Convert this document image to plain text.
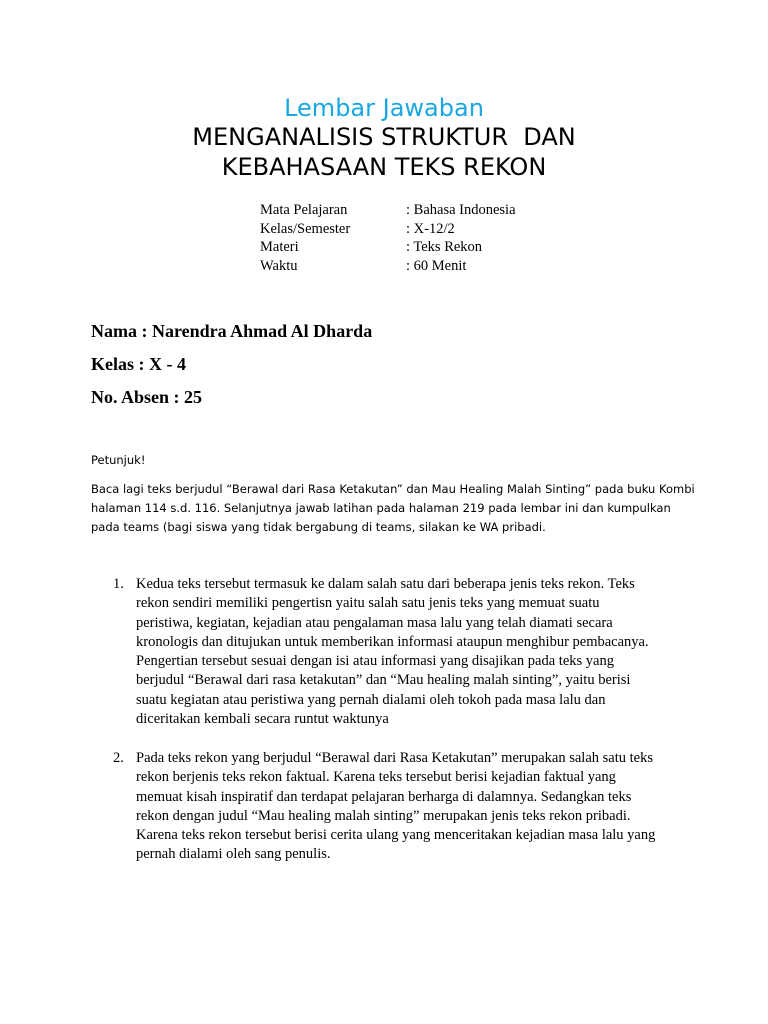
Lembar Jawaban
MENGANALISIS STRUKTUR  DAN
KEBAHASAAN TEKS REKON
Mata Pelajaran	: Bahasa Indonesia
Kelas/Semester	: X-12/2
Materi	: Teks Rekon
Waktu	: 60 Menit
Nama : Narendra Ahmad Al Dharda
Kelas : X - 4
No. Absen : 25
Petunjuk!
Baca lagi teks berjudul “Berawal dari Rasa Ketakutan” dan Mau Healing Malah Sinting” pada buku Kombi
halaman 114 s.d. 116. Selanjutnya jawab latihan pada halaman 219 pada lembar ini dan kumpulkan
pada teams (bagi siswa yang tidak bergabung di teams, silakan ke WA pribadi.
1. Kedua teks tersebut termasuk ke dalam salah satu dari beberapa jenis teks rekon. Teks
rekon sendiri memiliki pengertisn yaitu salah satu jenis teks yang memuat suatu
peristiwa, kegiatan, kejadian atau pengalaman masa lalu yang telah diamati secara
kronologis dan ditujukan untuk memberikan informasi ataupun menghibur pembacanya.
Pengertian tersebut sesuai dengan isi atau informasi yang disajikan pada teks yang
berjudul “Berawal dari rasa ketakutan” dan “Mau healing malah sinting”, yaitu berisi
suatu kegiatan atau peristiwa yang pernah dialami oleh tokoh pada masa lalu dan
diceritakan kembali secara runtut waktunya
2. Pada teks rekon yang berjudul “Berawal dari Rasa Ketakutan” merupakan salah satu teks
rekon berjenis teks rekon faktual. Karena teks tersebut berisi kejadian faktual yang
memuat kisah inspiratif dan terdapat pelajaran berharga di dalamnya. Sedangkan teks
rekon dengan judul “Mau healing malah sinting” merupakan jenis teks rekon pribadi.
Karena teks rekon tersebut berisi cerita ulang yang menceritakan kejadian masa lalu yang
pernah dialami oleh sang penulis.
